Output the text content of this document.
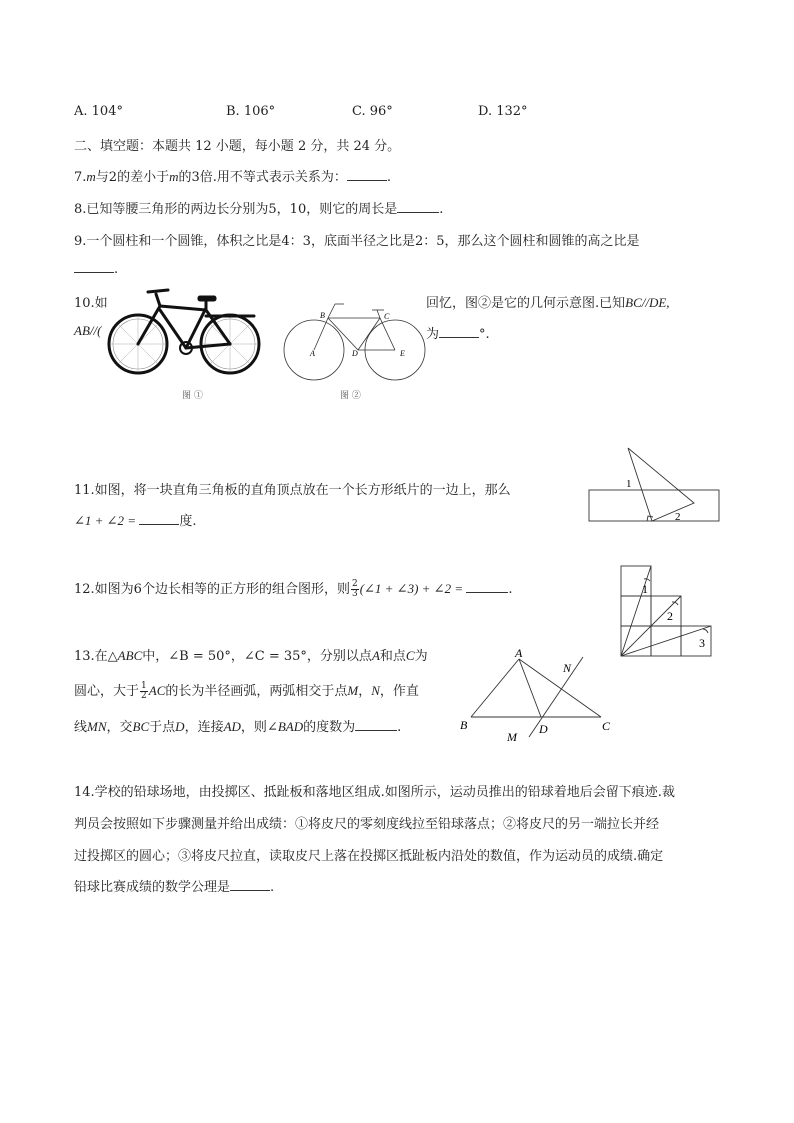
A. 104°	B. 106°	C. 96°	D. 132°
二、填空题：本题共 12 小题，每小题 2 分，共 24 分。
7.m与2的差小于m的3倍.用不等式表示关系为：	.
8.已知等腰三角形的两边长分别为5，10，则它的周长是	.
9.一个圆柱和一个圆锥，体积之比是4：3，底面半径之比是2：5，那么这个圆柱和圆锥的高之比是
.
10.如	回忆，图②是它的几何示意图.已知BC//DE,
AB//(	为	°.
图 ①
A
B	C
D	E
图 ②
11.如图，将一块直角三角板的直角顶点放在一个长方形纸片的一边上，那么
∠1 + ∠2 =	度.
1
2
12.如图为6个边长相等的正方形的组合图形，则 $\frac{2}{3}$ (∠1 + ∠3) + ∠2 =	.	1
2
3
13.在△ABC中，∠B = 50°，∠C = 35°，分别以点A和点C为
圆心，大于 $\frac{1}{2}$ AC的长为半径画弧，两弧相交于点M，N，作直
线MN，交BC于点D，连接AD，则∠BAD的度数为	.
A
B	C
D
M
N
14.学校的铅球场地，由投掷区、抵趾板和落地区组成.如图所示，运动员推出的铅球着地后会留下痕迹.裁
判员会按照如下步骤测量并给出成绩：①将皮尺的零刻度线拉至铅球落点；②将皮尺的另一端拉长并经
过投掷区的圆心；③将皮尺拉直，读取皮尺上落在投掷区抵趾板内沿处的数值，作为运动员的成绩.确定
铅球比赛成绩的数学公理是	.
